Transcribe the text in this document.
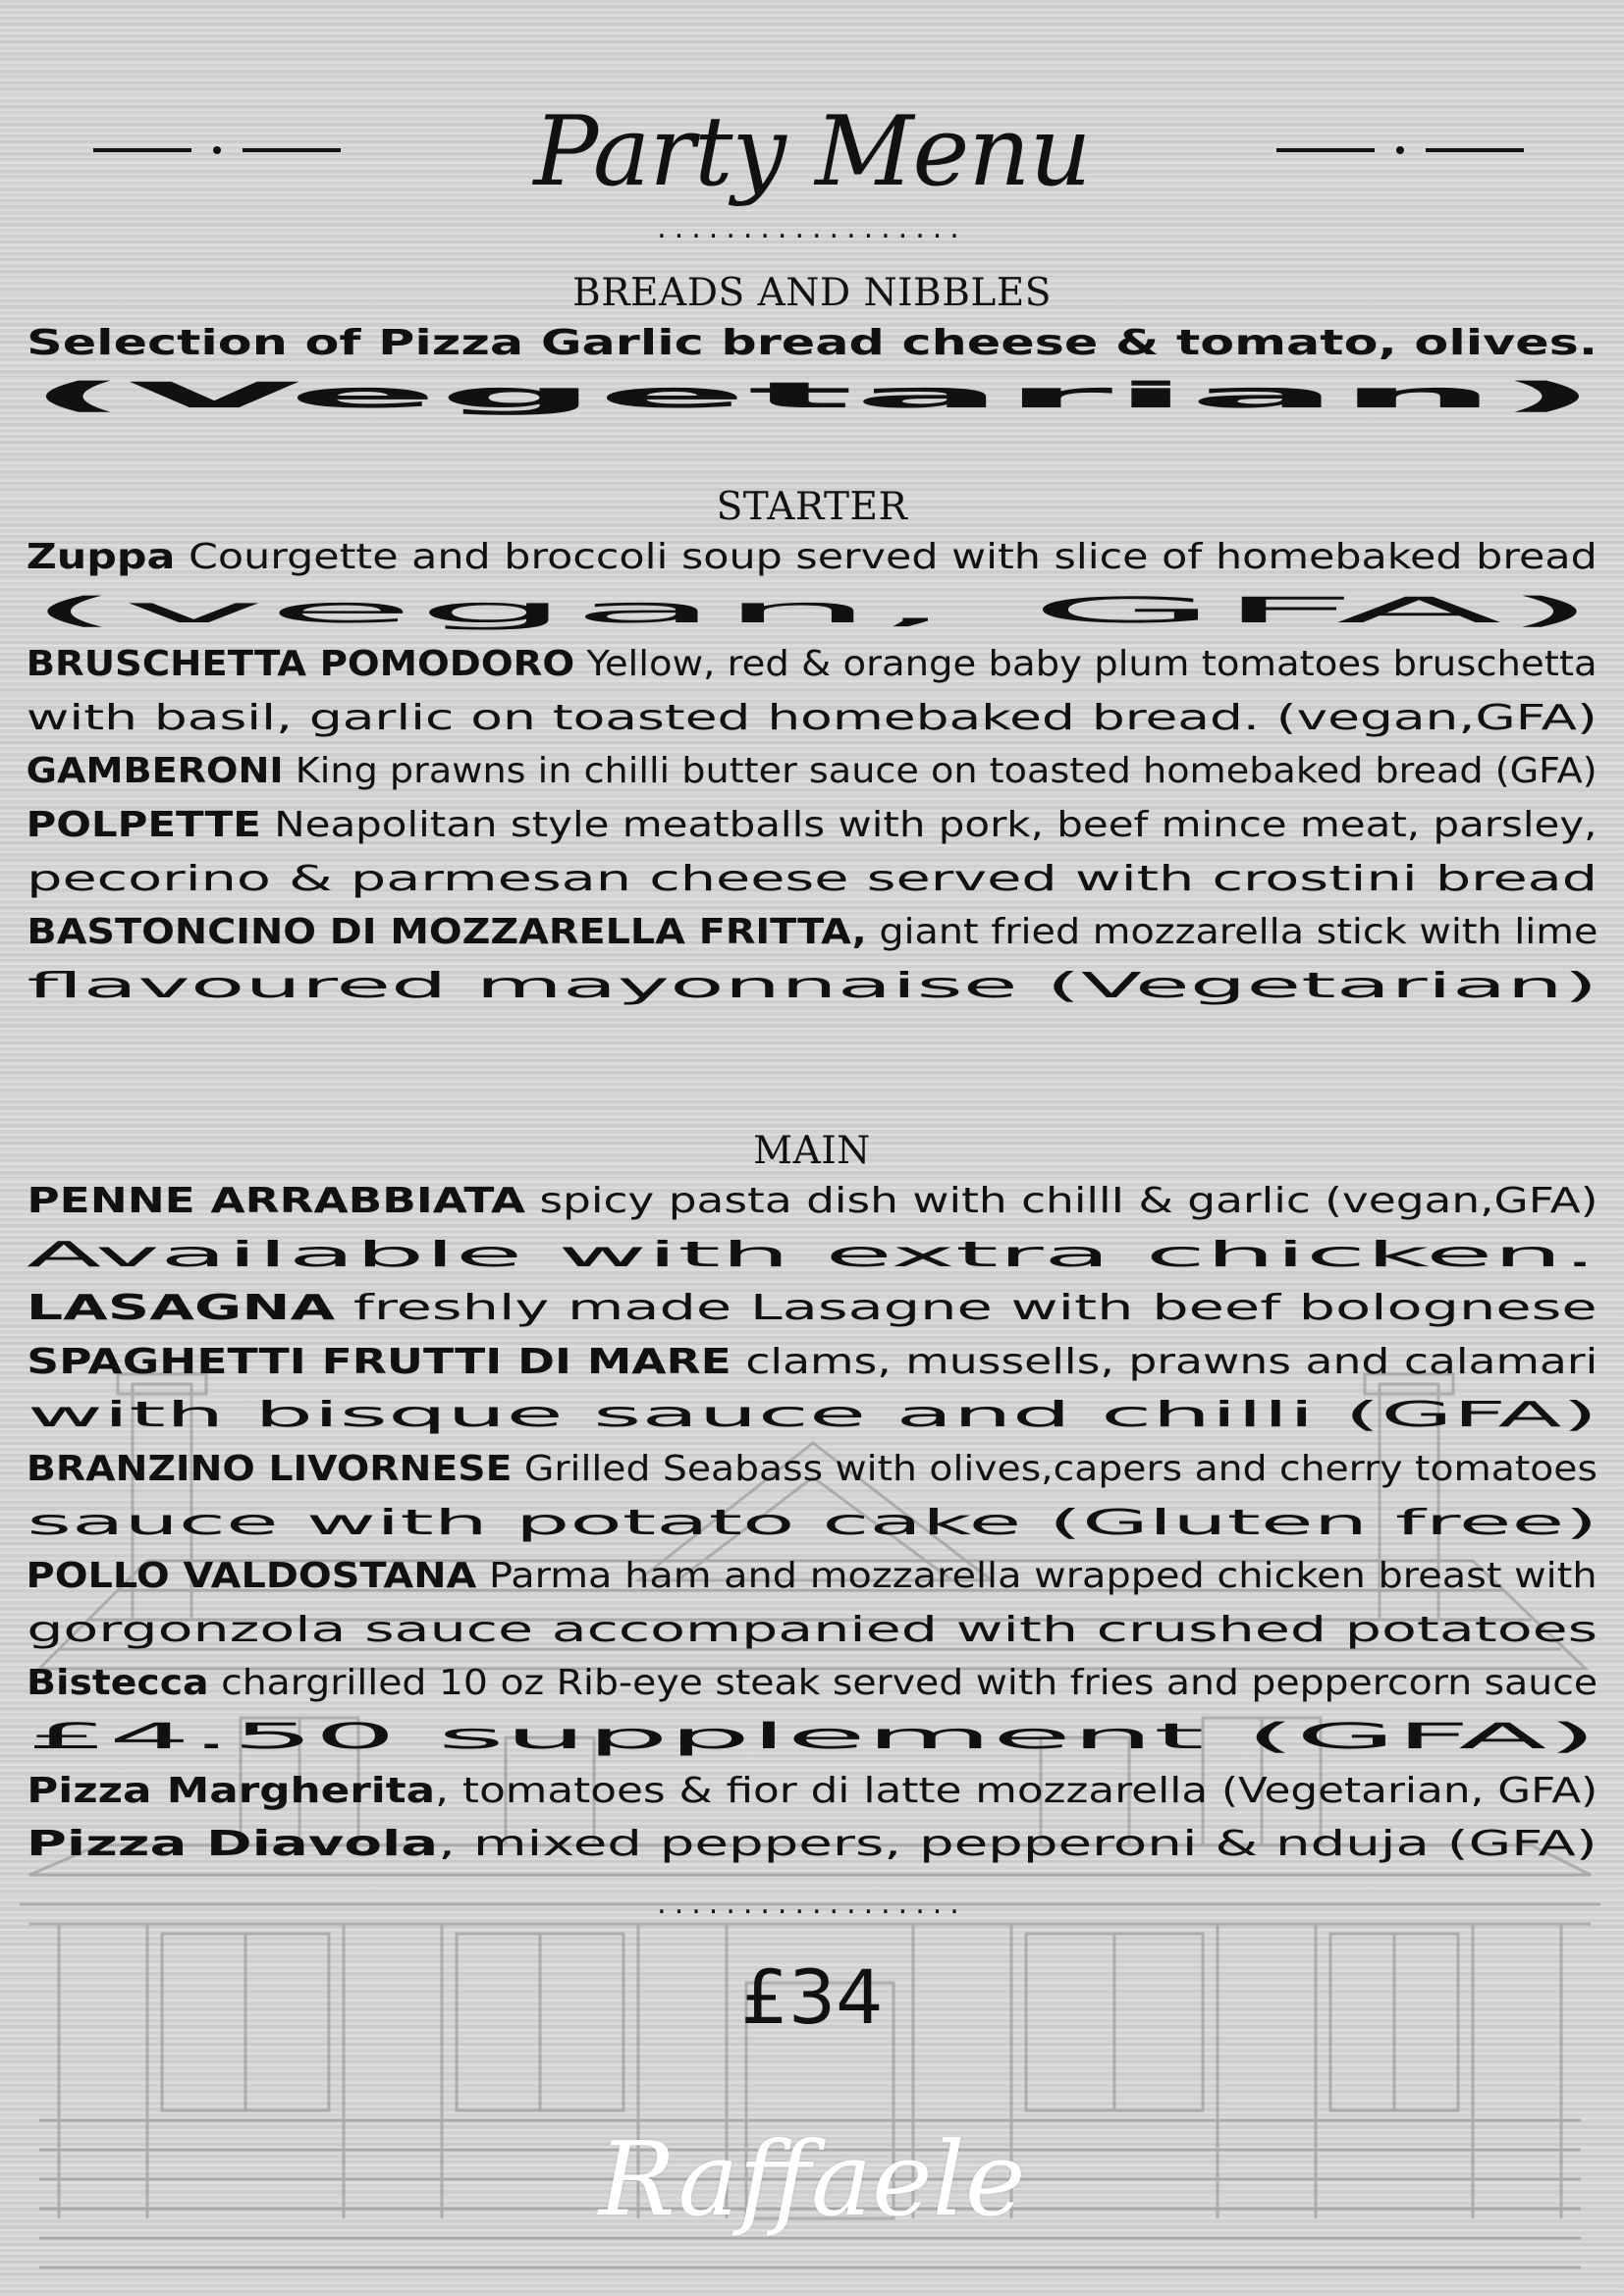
Party Menu
..................

BREADS AND NIBBLES

Selection of Pizza Garlic bread cheese & tomato, olives.

(Vegetarian)

STARTER

Zuppa Courgette and broccoli soup served with slice of homebaked bread

(vegan, GFA)

BRUSCHETTA POMODORO Yellow, red & orange baby plum tomatoes bruschetta

with basil, garlic on toasted homebaked bread. (vegan,GFA)

GAMBERONI King prawns in chilli butter sauce on toasted homebaked bread (GFA)

POLPETTE Neapolitan style meatballs with pork, beef mince meat, parsley,

pecorino & parmesan cheese served with crostini bread

BASTONCINO DI MOZZARELLA FRITTA, giant fried mozzarella stick with lime

flavoured mayonnaise (Vegetarian)

MAIN

PENNE ARRABBIATA spicy pasta dish with chillI & garlic (vegan,GFA)

Available with extra chicken.

LASAGNA freshly made Lasagne with beef bolognese

SPAGHETTI FRUTTI DI MARE clams, mussells, prawns and calamari

with bisque sauce and chilli (GFA)

BRANZINO LIVORNESE Grilled Seabass with olives,capers and cherry tomatoes

sauce with potato cake (Gluten free)

POLLO VALDOSTANA Parma ham and mozzarella wrapped chicken breast with

gorgonzola sauce accompanied with crushed potatoes

Bistecca chargrilled 10 oz Rib-eye steak served with fries and peppercorn sauce

£4.50 supplement (GFA)

Pizza Margherita, tomatoes & fior di latte mozzarella (Vegetarian, GFA)

Pizza Diavola, mixed peppers, pepperoni & nduja (GFA)

..................
£34
Raffaele
